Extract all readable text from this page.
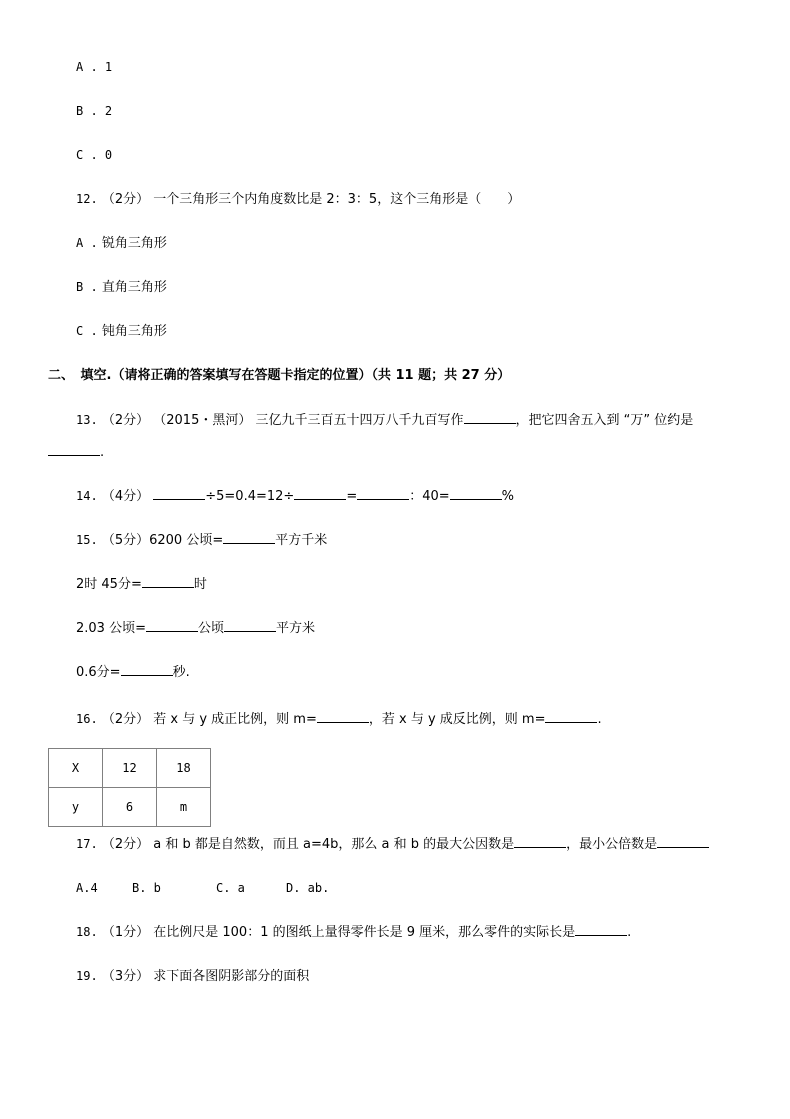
A . 1
B . 2
C . 0
12. （2分） 一个三角形三个内角度数比是 2：3：5，这个三角形是（　　）
A . 锐角三角形
B . 直角三角形
C . 钝角三角形
二、　填空.（请将正确的答案填写在答题卡指定的位置）（共 11 题；共 27 分）
13. （2分） （2015・黑河） 三亿九千三百五十四万八千九百写作	，把它四舍五入到 “万” 位约是
.
14. （4分）	÷5=0.4=12÷	=	：40=	%
15. （5分）6200 公顷=	平方千米
2时 45分=	时
2.03 公顷=	公顷	平方米
0.6分=	秒.
16. （2分） 若 x 与 y 成正比例，则 m=	，若 x 与 y 成反比例，则 m=	.
X	12	18
y	6	m
17. （2分） a 和 b 都是自然数，而且 a=4b，那么 a 和 b 的最大公因数是	，最小公倍数是
A.4	B. b	C. a	D. ab.
18. （1分） 在比例尺是 100：1 的图纸上量得零件长是 9 厘米，那么零件的实际长是	.
19. （3分） 求下面各图阴影部分的面积
